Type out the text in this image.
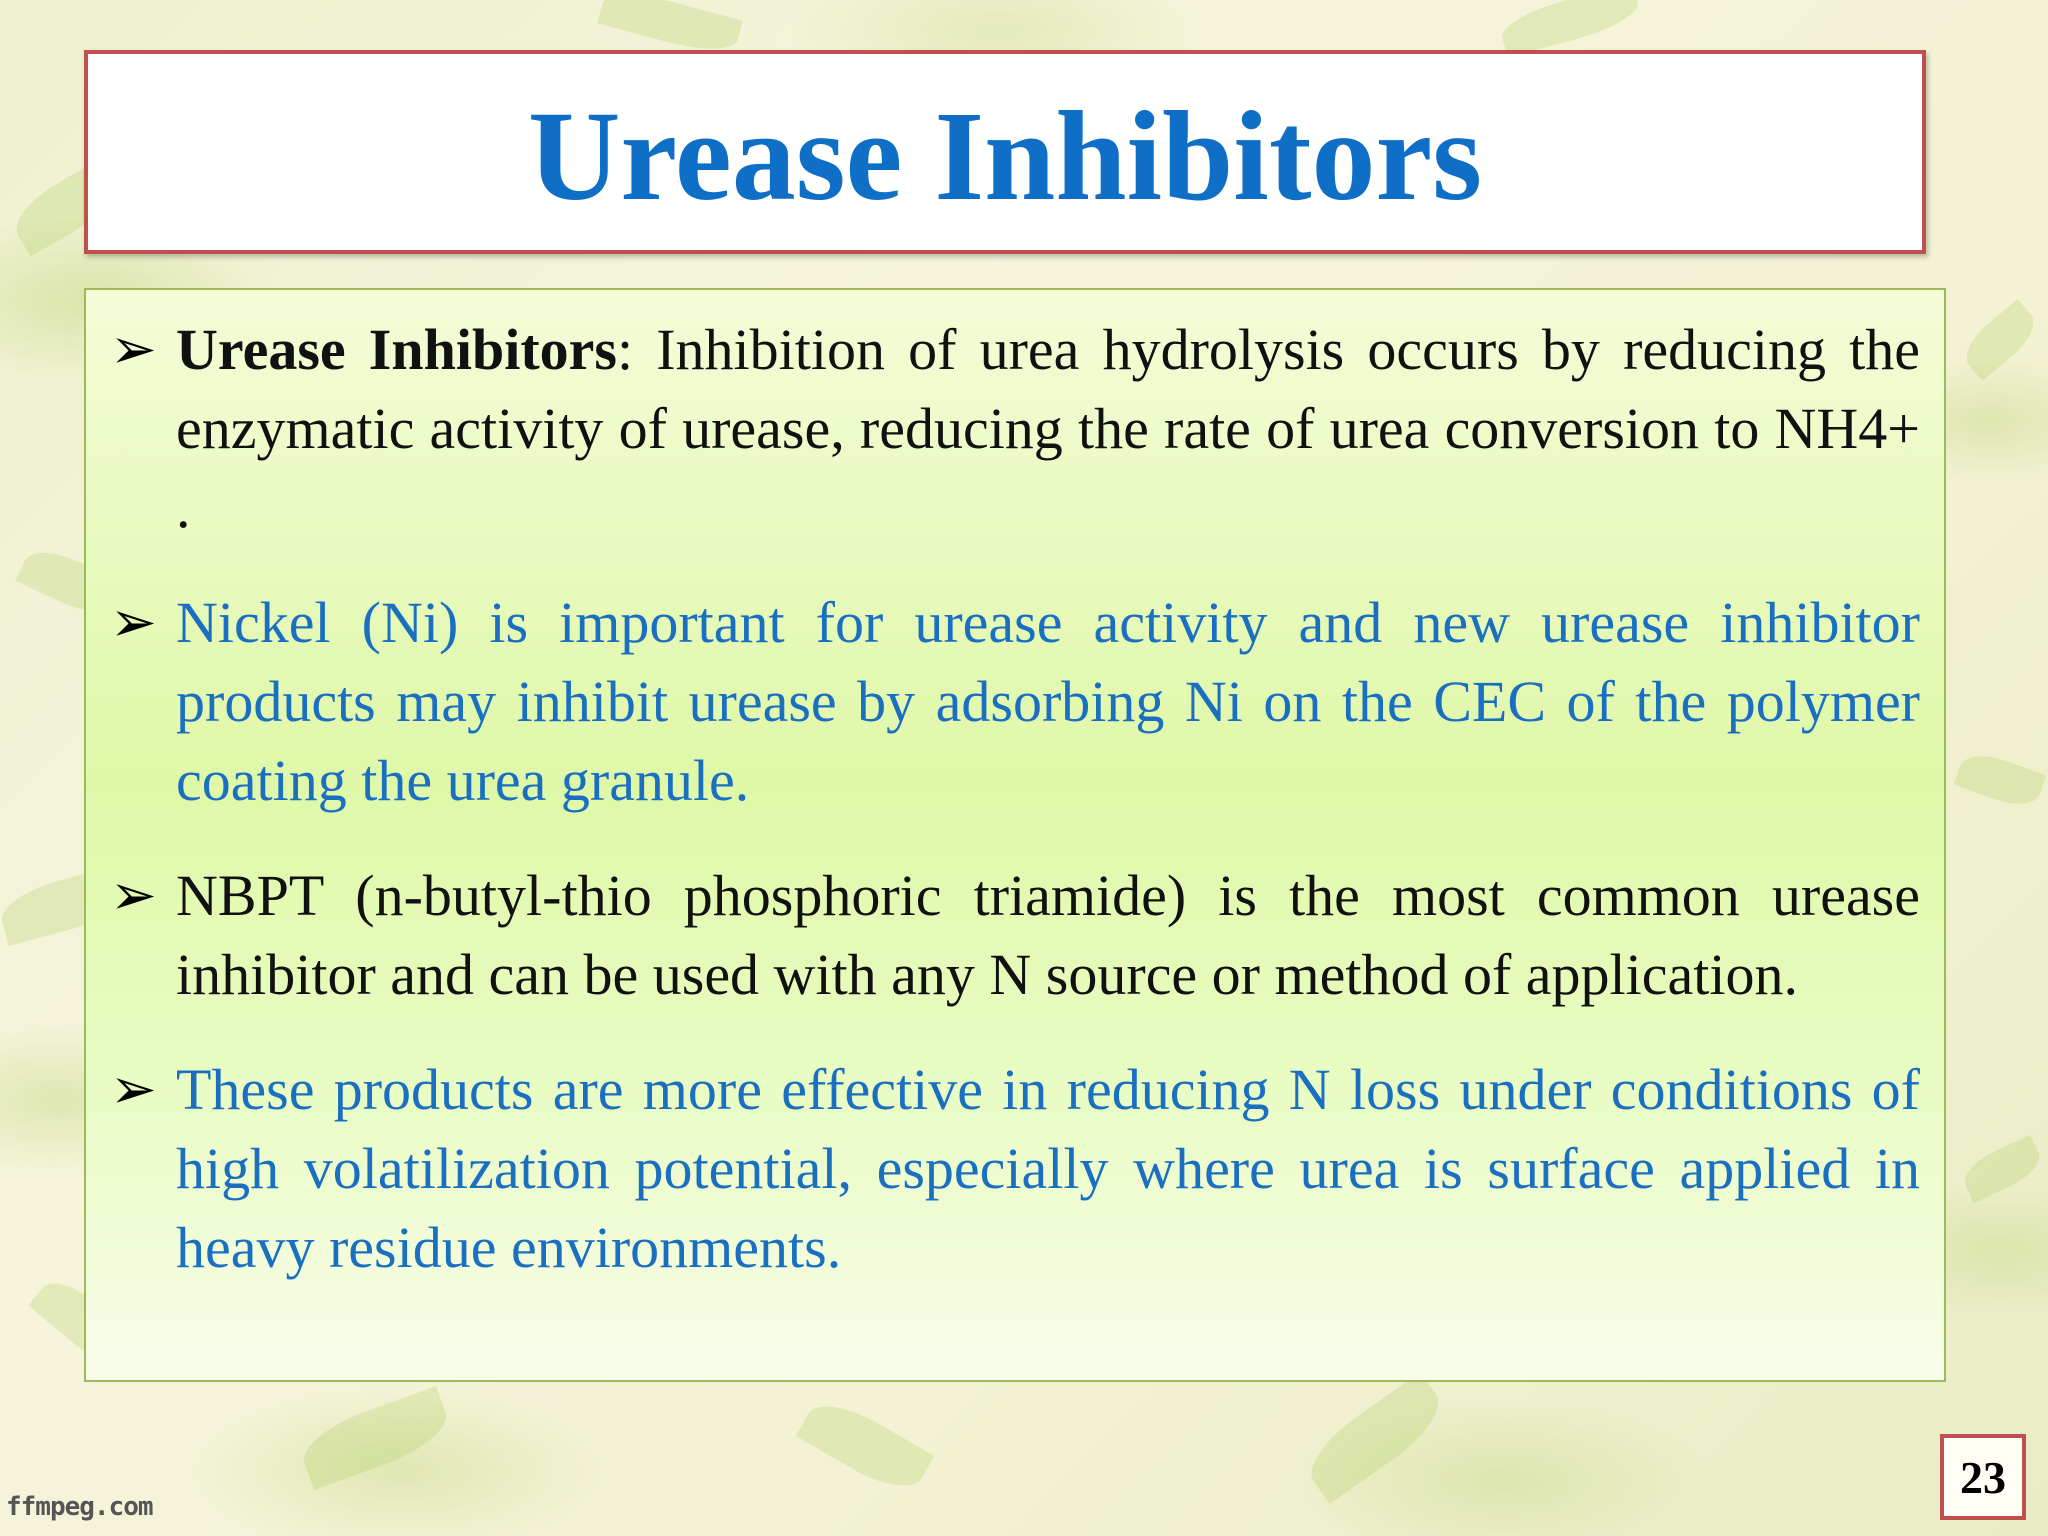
Urease Inhibitors
➢ Urease Inhibitors: Inhibition of urea hydrolysis occurs by reducing the enzymatic activity of urease, reducing the rate of urea conversion to NH4+ .
➢ Nickel (Ni) is important for urease activity and new urease inhibitor products may inhibit urease by adsorbing Ni on the CEC of the polymer coating the urea granule.
➢ NBPT (n-butyl-thio phosphoric triamide) is the most common urease inhibitor and can be used with any N source or method of application.
➢ These products are more effective in reducing N loss under conditions of high volatilization potential, especially where urea is surface applied in heavy residue environments.
ffmpeg.com
23
